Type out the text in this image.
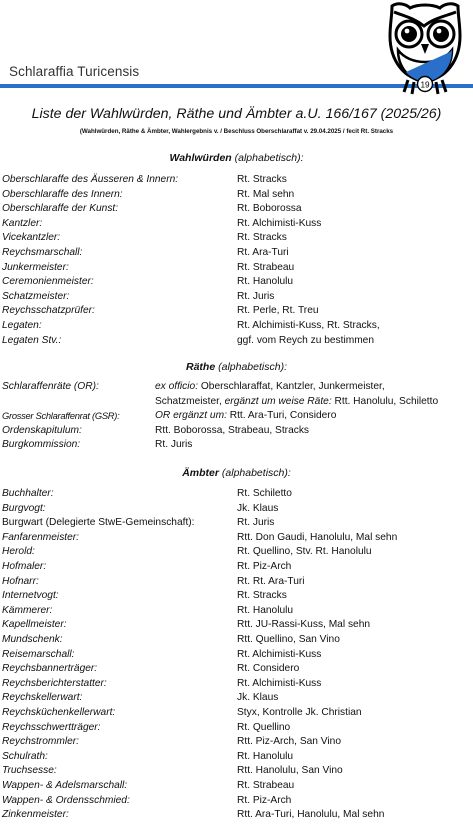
Schlaraffia Turicensis
19
Liste der Wahlwürden, Räthe und Ämbter a.U. 166/167 (2025/26)
(Wahlwürden, Räthe & Ämbter, Wahlergebnis v. / Beschluss Oberschlaraffat v. 29.04.2025 / fecit Rt. Stracks
Wahlwürden (alphabetisch):
Oberschlaraffe des Äusseren & Innern:	Rt. Stracks
Oberschlaraffe des Innern:	Rt. Mal sehn
Oberschlaraffe der Kunst:	Rt. Boborossa
Kantzler:	Rt. Alchimisti-Kuss
Vicekantzler:	Rt. Stracks
Reychsmarschall:	Rt. Ara-Turi
Junkermeister:	Rt. Strabeau
Ceremonienmeister:	Rt. Hanolulu
Schatzmeister:	Rt. Juris
Reychsschatzprüfer:	Rt. Perle, Rt. Treu
Legaten:	Rt. Alchimisti-Kuss, Rt. Stracks,
Legaten Stv.:	ggf. vom Reych zu bestimmen
Räthe (alphabetisch):
Schlaraffenräte (OR):	ex officio: Oberschlaraffat, Kantzler, Junkermeister,
Schatzmeister, ergänzt um weise Räte: Rtt. Hanolulu, Schiletto
Grosser Schlaraffenrat (GSR):	OR ergänzt um: Rtt. Ara-Turi, Considero
Ordenskapitulum:	Rtt. Boborossa, Strabeau, Stracks
Burgkommission:	Rt. Juris
Ämbter (alphabetisch):
Buchhalter:	Rt. Schiletto
Burgvogt:	Jk. Klaus
Burgwart (Delegierte StwE-Gemeinschaft):	Rt. Juris
Fanfarenmeister:	Rtt. Don Gaudi, Hanolulu, Mal sehn
Herold:	Rt. Quellino, Stv. Rt. Hanolulu
Hofmaler:	Rt. Piz-Arch
Hofnarr:	Rt. Rt. Ara-Turi
Internetvogt:	Rt. Stracks
Kämmerer:	Rt. Hanolulu
Kapellmeister:	Rtt. JU-Rassi-Kuss, Mal sehn
Mundschenk:	Rtt. Quellino, San Vino
Reisemarschall:	Rt. Alchimisti-Kuss
Reychsbannerträger:	Rt. Considero
Reychsberichterstatter:	Rt. Alchimisti-Kuss
Reychskellerwart:	Jk. Klaus
Reychsküchenkellerwart:	Styx, Kontrolle Jk. Christian
Reychsschwertträger:	Rt. Quellino
Reychstrommler:	Rtt. Piz-Arch, San Vino
Schulrath:	Rt. Hanolulu
Truchsesse:	Rtt. Hanolulu, San Vino
Wappen- & Adelsmarschall:	Rt. Strabeau
Wappen- & Ordensschmied:	Rt. Piz-Arch
Zinkenmeister:	Rtt. Ara-Turi, Hanolulu, Mal sehn
